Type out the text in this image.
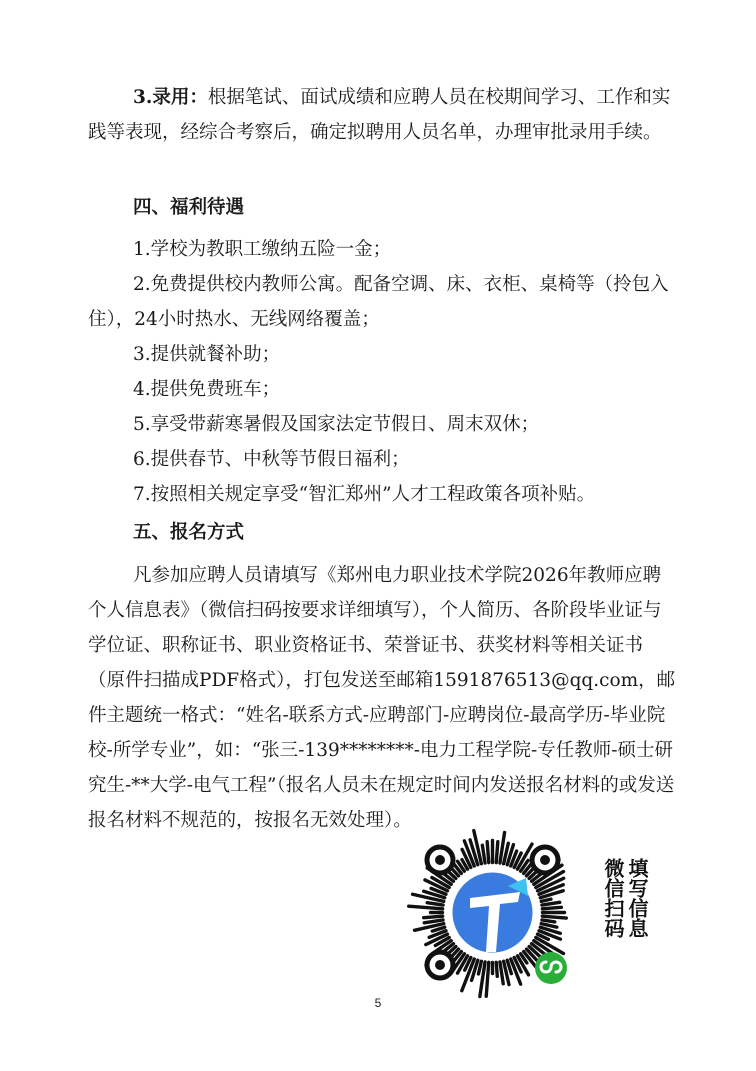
3.录用：根据笔试、面试成绩和应聘人员在校期间学习、工作和实践等表现，经综合考察后，确定拟聘用人员名单，办理审批录用手续。

四、福利待遇

1.学校为教职工缴纳五险一金；

2.免费提供校内教师公寓。配备空调、床、衣柜、桌椅等（拎包入住），24小时热水、无线网络覆盖；

3.提供就餐补助；

4.提供免费班车；

5.享受带薪寒暑假及国家法定节假日、周末双休；

6.提供春节、中秋等节假日福利；

7.按照相关规定享受“智汇郑州”人才工程政策各项补贴。

五、报名方式

凡参加应聘人员请填写《郑州电力职业技术学院2026年教师应聘个人信息表》（微信扫码按要求详细填写），个人简历、各阶段毕业证与学位证、职称证书、职业资格证书、荣誉证书、获奖材料等相关证书（原件扫描成PDF格式），打包发送至邮箱1591876513@qq.com，邮件主题统一格式：“姓名-联系方式-应聘部门-应聘岗位-最高学历-毕业院校-所学专业”，如：“张三-139********-电力工程学院-专任教师-硕士研究生-**大学-电气工程”（报名人员未在规定时间内发送报名材料的或发送报名材料不规范的，按报名无效处理）。

填写信息
微信扫码
5
